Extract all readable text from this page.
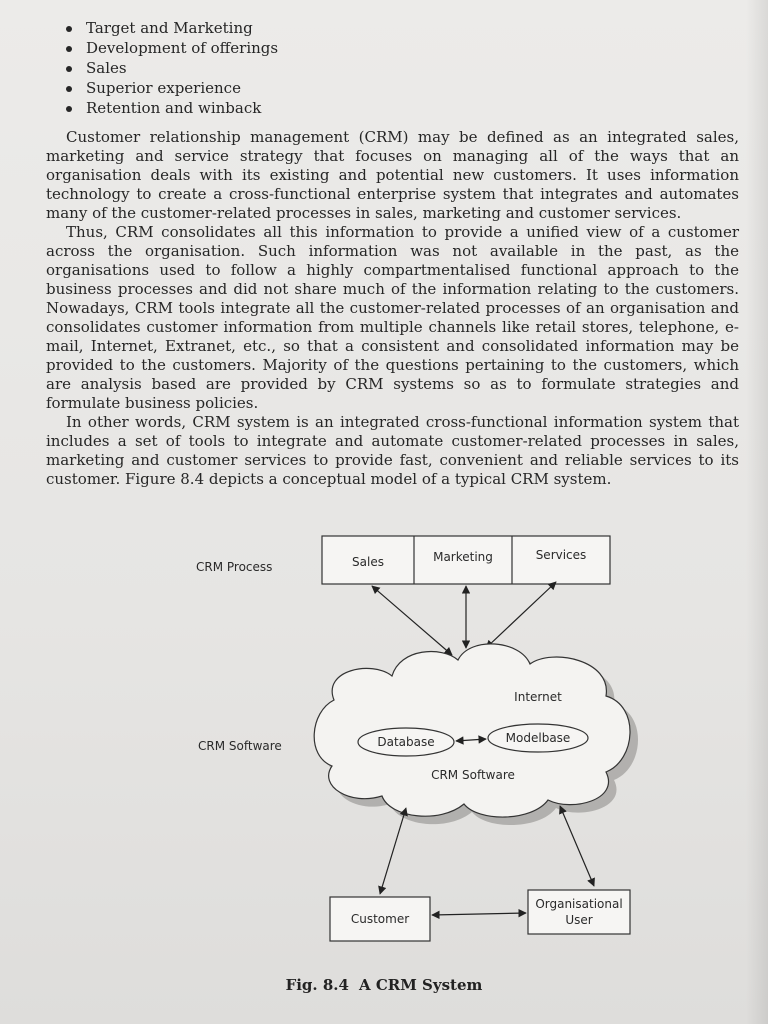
Target and Marketing
Development of offerings
Sales
Superior experience
Retention and winback

Customer relationship management (CRM) may be defined as an integrated sales, marketing and service strategy that focuses on managing all of the ways that an organisation deals with its existing and potential new customers. It uses information technology to create a cross-functional enterprise system that integrates and automates many of the customer-related processes in sales, marketing and customer services.

Thus, CRM consolidates all this information to provide a unified view of a customer across the organisation. Such information was not available in the past, as the organisations used to follow a highly compartmentalised functional approach to the business processes and did not share much of the information relating to the customers. Nowadays, CRM tools integrate all the customer-related processes of an organisation and consolidates customer information from multiple channels like retail stores, telephone, e-mail, Internet, Extranet, etc., so that a consistent and consolidated information may be provided to the customers. Majority of the questions pertaining to the customers, which are analysis based are provided by CRM systems so as to formulate strategies and formulate business policies.

In other words, CRM system is an integrated cross-functional information system that includes a set of tools to integrate and automate customer-related processes in sales, marketing and customer services to provide fast, convenient and reliable services to its customer. Figure 8.4 depicts a conceptual model of a typical CRM system.

CRM Process
CRM Software
Sales	Marketing	Services
Internet
Database	Modelbase
CRM Software
Customer
Organisational
User
Fig. 8.4 A CRM System
